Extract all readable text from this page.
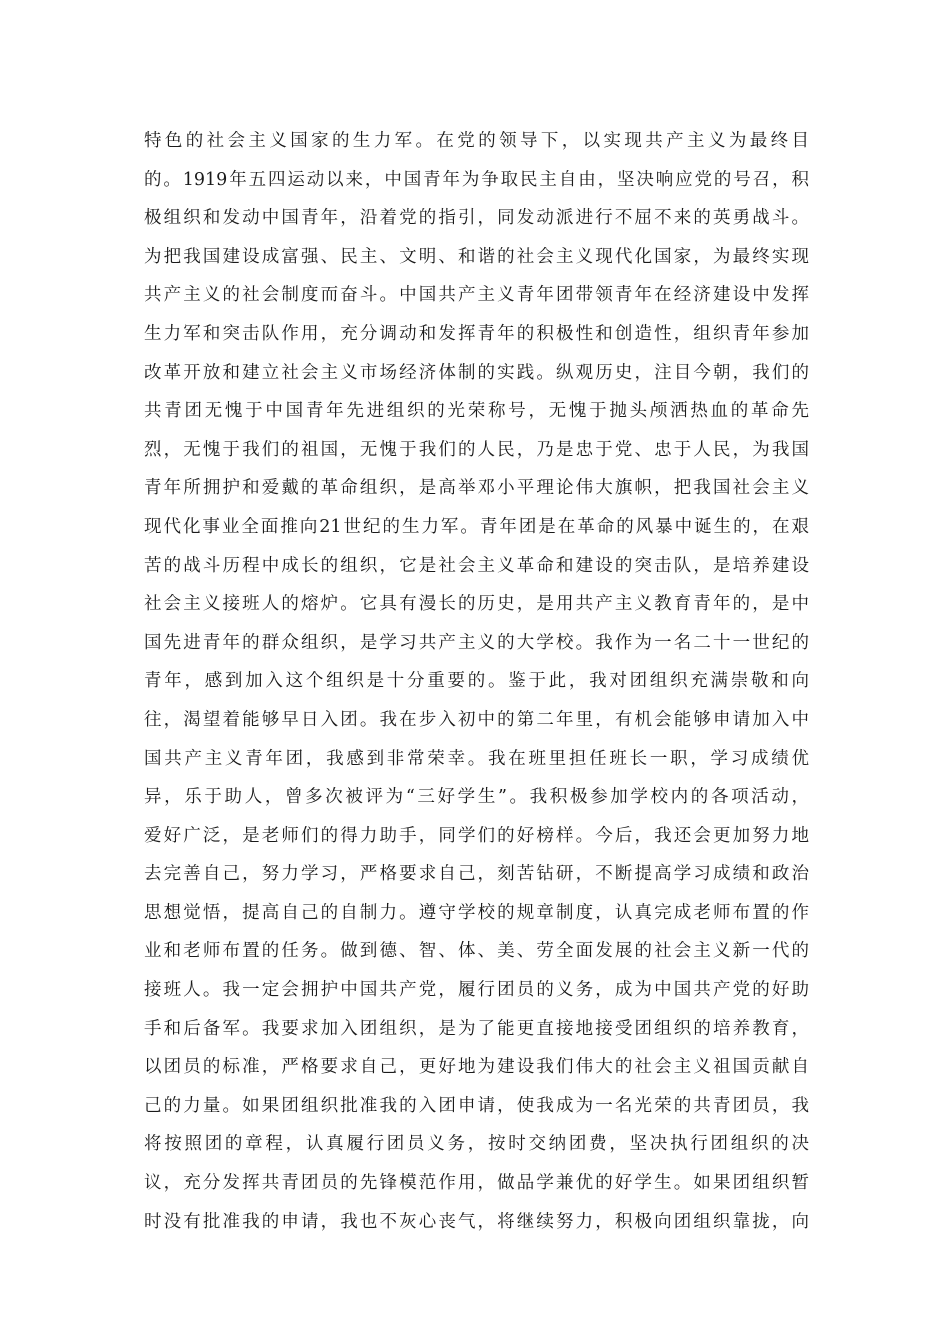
特色的社会主义国家的生力军。在党的领导下，以实现共产主义为最终目
的。1919年五四运动以来，中国青年为争取民主自由，坚决响应党的号召，积
极组织和发动中国青年，沿着党的指引，同发动派进行不屈不来的英勇战斗。
为把我国建设成富强、民主、文明、和谐的社会主义现代化国家，为最终实现
共产主义的社会制度而奋斗。中国共产主义青年团带领青年在经济建设中发挥
生力军和突击队作用，充分调动和发挥青年的积极性和创造性，组织青年参加
改革开放和建立社会主义市场经济体制的实践。纵观历史，注目今朝，我们的
共青团无愧于中国青年先进组织的光荣称号，无愧于抛头颅洒热血的革命先
烈，无愧于我们的祖国，无愧于我们的人民，乃是忠于党、忠于人民，为我国
青年所拥护和爱戴的革命组织，是高举邓小平理论伟大旗帜，把我国社会主义
现代化事业全面推向21世纪的生力军。青年团是在革命的风暴中诞生的，在艰
苦的战斗历程中成长的组织，它是社会主义革命和建设的突击队，是培养建设
社会主义接班人的熔炉。它具有漫长的历史，是用共产主义教育青年的，是中
国先进青年的群众组织，是学习共产主义的大学校。我作为一名二十一世纪的
青年，感到加入这个组织是十分重要的。鉴于此，我对团组织充满崇敬和向
往，渴望着能够早日入团。我在步入初中的第二年里，有机会能够申请加入中
国共产主义青年团，我感到非常荣幸。我在班里担任班长一职，学习成绩优
异，乐于助人，曾多次被评为“三好学生”。我积极参加学校内的各项活动，
爱好广泛，是老师们的得力助手，同学们的好榜样。今后，我还会更加努力地
去完善自己，努力学习，严格要求自己，刻苦钻研，不断提高学习成绩和政治
思想觉悟，提高自己的自制力。遵守学校的规章制度，认真完成老师布置的作
业和老师布置的任务。做到德、智、体、美、劳全面发展的社会主义新一代的
接班人。我一定会拥护中国共产党，履行团员的义务，成为中国共产党的好助
手和后备军。我要求加入团组织，是为了能更直接地接受团组织的培养教育，
以团员的标准，严格要求自己，更好地为建设我们伟大的社会主义祖国贡献自
己的力量。如果团组织批准我的入团申请，使我成为一名光荣的共青团员，我
将按照团的章程，认真履行团员义务，按时交纳团费，坚决执行团组织的决
议，充分发挥共青团员的先锋模范作用，做品学兼优的好学生。如果团组织暂
时没有批准我的申请，我也不灰心丧气，将继续努力，积极向团组织靠拢，向
